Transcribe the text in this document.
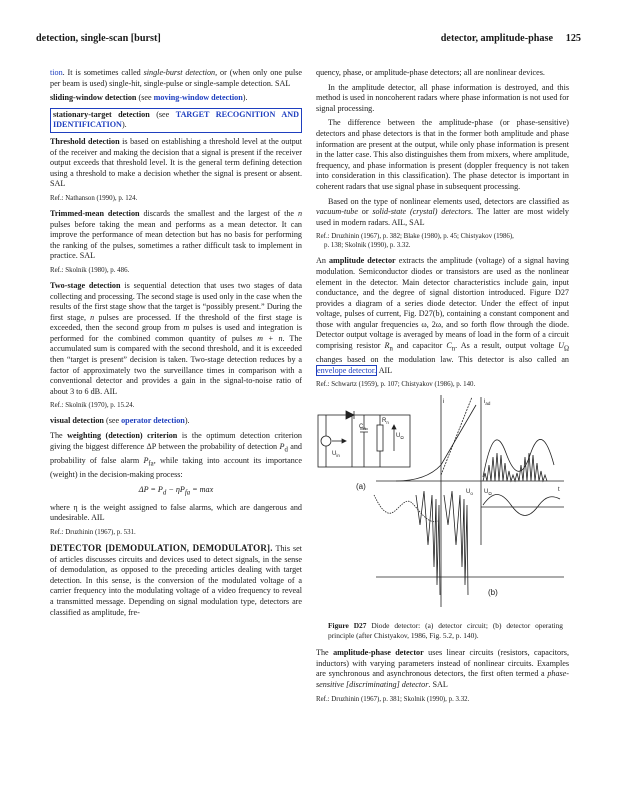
detection, single-scan [burst]	detector, amplitude-phase 125

tion. It is sometimes called single-burst detection, or (when only one pulse per beam is used) single-hit, single-pulse or single-sample detection. SAL

sliding-window detection (see moving-window detection).

stationary-target detection (see TARGET RECOGNITION AND IDENTIFICATION).

Threshold detection is based on establishing a threshold level at the output of the receiver and making the decision that a signal is present if the receiver output exceeds that threshold level. It is the general term defining detection using a threshold to make a decision whether the signal is present or absent. SAL

Ref.: Nathanson (1990), p. 124.

Trimmed-mean detection discards the smallest and the largest of the n pulses before taking the mean and performs as a mean detector. It can improve the performance of mean detection but has no basis for performing the ranking of the pulses, sometimes a rather difficult task to implement in practice. SAL

Ref.: Skolnik (1980), p. 486.

Two-stage detection is sequential detection that uses two stages of data collecting and processing. The second stage is used only in the case when the results of the first stage show that the target is “possibly present.” During the first stage, n pulses are processed. If the threshold of the first stage is exceeded, then the second group from m pulses is used and integration is performed for the combined common quantity of pulses m + n. The accumulated sum is compared with the second threshold, and it is exceeded then “target is present” decision is taken. Two-stage detection reduces by a factor of approximately two the surveillance times in comparison with a conventional detector and provides a gain in the signal-to-noise ratio of about 3 to 6 dB. AIL

Ref.: Skolnik (1970), p. 15.24.

visual detection (see operator detection).

The weighting (detection) criterion is the optimum detection criterion giving the biggest difference ΔP between the probability of detection $P_d$ and probability of false alarm $P_{fa}$, while taking into account its importance (weight) in the decision-making process:

$\Delta P = P_d - \eta P_{fa} = \max$

where η is the weight assigned to false alarms, which are dangerous and undesirable. AIL

Ref.: Druzhinin (1967), p. 531.

DETECTOR [DEMODULATION, DEMODULATOR]. This set of articles discusses circuits and devices used to detect signals, in the sense of demodulation, as opposed to the preceding articles dealing with target detection. In this sense, is the conversion of the modulated voltage of a carrier frequency into the modulating voltage of a video frequency to reveal a transmitted message. Depending on signal modulation type, detectors are classified as amplitude, fre-

quency, phase, or amplitude-phase detectors; all are nonlinear devices.

In the amplitude detector, all phase information is destroyed, and this method is used in noncoherent radars where phase information is not used for signal processing.

The difference between the amplitude-phase (or phase-sensitive) detectors and phase detectors is that in the former both amplitude and phase information are present at the output, while only phase information is present in the latter case. This also distinguishes them from mixers, where amplitude, frequency, and phase information is present (doppler frequency is not taken into consideration in this classification). The phase detector is important in coherent radars that use signal phase in subsequent processing.

Based on the type of nonlinear elements used, detectors are classified as vacuum-tube or solid-state (crystal) detectors. The latter are most widely used in modern radars. AIL, SAL

Ref.: Druzhinin (1967), p. 382; Blake (1980), p. 45; Chistyakov (1986),
p. 138; Skolnik (1990), p. 3.32.

An amplitude detector extracts the amplitude (voltage) of a signal having modulation. Semiconductor diodes or transistors are used as the nonlinear element in the detector. Main detector characteristics include gain, input conductance, and the degree of signal distortion introduced. Figure D27 provides a diagram of a series diode detector. Under the effect of input voltage, pulses of current, Fig. D27(b), containing a constant component and those with angular frequencies ω, 2ω, and so forth flow through the diode. Detector output voltage is averaged by means of load in the form of a circuit comprising resistor $R_n$ and capacitor $C_n$. As a result, output voltage $U_\Omega$ changes based on the modulation law. This detector is also called an envelope detector. AIL

Ref.: Schwartz (1959), p. 107; Chistyakov (1986), p. 140.

$C_n$
$R_n$
$U_\Omega$
$U_{in}$
(a)
i	$i_{ad}$
t
$U_o$ $U_\Omega$
(b)

Figure D27 Diode detector: (a) detector circuit; (b) detector operating principle (after Chistyakov, 1986, Fig. 5.2, p. 140).

The amplitude-phase detector uses linear circuits (resistors, capacitors, inductors) with varying parameters instead of nonlinear circuits. Examples are synchronous and asynchronous detectors, the first often termed a phase-sensitive [discriminating] detector. SAL

Ref.: Druzhinin (1967), p. 381; Skolnik (1990), p. 3.32.
